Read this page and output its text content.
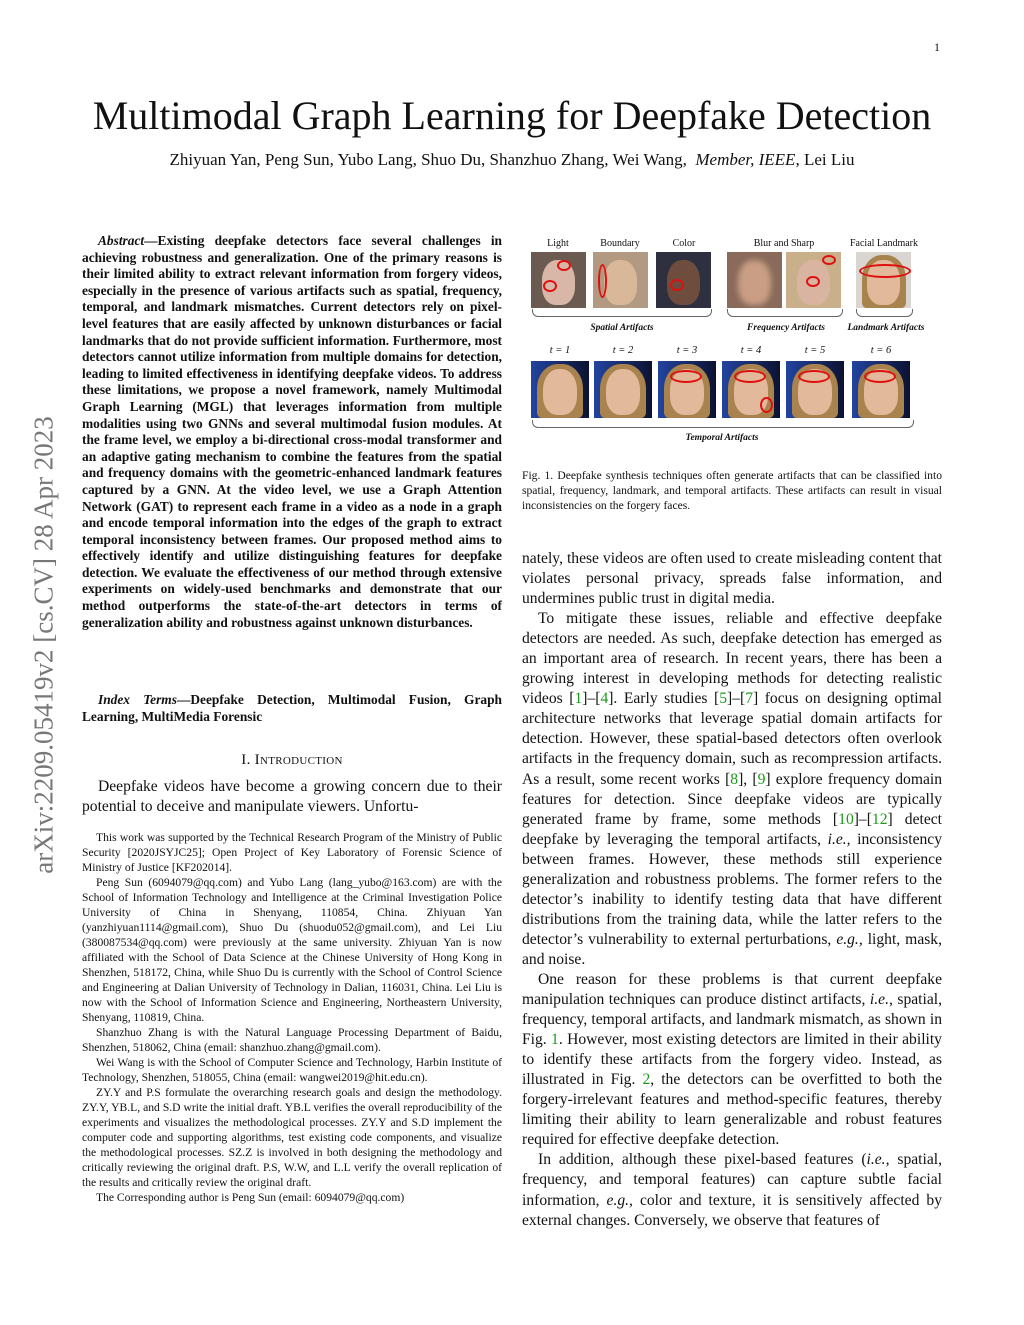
1
arXiv:2209.05419v2 [cs.CV] 28 Apr 2023
Multimodal Graph Learning for Deepfake Detection
Zhiyuan Yan, Peng Sun, Yubo Lang, Shuo Du, Shanzhuo Zhang, Wei Wang, Member, IEEE, Lei Liu
Abstract—Existing deepfake detectors face several challenges in achieving robustness and generalization. One of the primary reasons is their limited ability to extract relevant information from forgery videos, especially in the presence of various artifacts such as spatial, frequency, temporal, and landmark mismatches. Current detectors rely on pixel-level features that are easily affected by unknown disturbances or facial landmarks that do not provide sufficient information. Furthermore, most detectors cannot utilize information from multiple domains for detection, leading to limited effectiveness in identifying deepfake videos. To address these limitations, we propose a novel framework, namely Multimodal Graph Learning (MGL) that leverages information from multiple modalities using two GNNs and several multimodal fusion modules. At the frame level, we employ a bi-directional cross-modal transformer and an adaptive gating mechanism to combine the features from the spatial and frequency domains with the geometric-enhanced landmark features captured by a GNN. At the video level, we use a Graph Attention Network (GAT) to represent each frame in a video as a node in a graph and encode temporal information into the edges of the graph to extract temporal inconsistency between frames. Our proposed method aims to effectively identify and utilize distinguishing features for deepfake detection. We evaluate the effectiveness of our method through extensive experiments on widely-used benchmarks and demonstrate that our method outperforms the state-of-the-art detectors in terms of generalization ability and robustness against unknown disturbances.
Index Terms—Deepfake Detection, Multimodal Fusion, Graph Learning, MultiMedia Forensic
I. Introduction
Deepfake videos have become a growing concern due to their potential to deceive and manipulate viewers. Unfortu-

This work was supported by the Technical Research Program of the Ministry of Public Security [2020JSYJC25]; Open Project of Key Laboratory of Forensic Science of Ministry of Justice [KF202014].

Peng Sun (6094079@qq.com) and Yubo Lang (lang_yubo@163.com) are with the School of Information Technology and Intelligence at the Criminal Investigation Police University of China in Shenyang, 110854, China. Zhiyuan Yan (yanzhiyuan1114@gmail.com), Shuo Du (shuodu052@gmail.com), and Lei Liu (380087534@qq.com) were previously at the same university. Zhiyuan Yan is now affiliated with the School of Data Science at the Chinese University of Hong Kong in Shenzhen, 518172, China, while Shuo Du is currently with the School of Control Science and Engineering at Dalian University of Technology in Dalian, 116031, China. Lei Liu is now with the School of Information Science and Engineering, Northeastern University, Shenyang, 110819, China.

Shanzhuo Zhang is with the Natural Language Processing Department of Baidu, Shenzhen, 518062, China (email: shanzhuo.zhang@gmail.com).

Wei Wang is with the School of Computer Science and Technology, Harbin Institute of Technology, Shenzhen, 518055, China (email: wangwei2019@hit.edu.cn).

ZY.Y and P.S formulate the overarching research goals and design the methodology. ZY.Y, YB.L, and S.D write the initial draft. YB.L verifies the overall reproducibility of the experiments and visualizes the methodological processes. ZY.Y and S.D implement the computer code and supporting algorithms, test existing code components, and visualize the methodological processes. SZ.Z is involved in both designing the methodology and critically reviewing the original draft. P.S, W.W, and L.L verify the overall replication of the results and critically review the original draft.

The Corresponding author is Peng Sun (email: 6094079@qq.com)

Light	Boundary	Color	Blur and Sharp	Facial Landmark
Spatial Artifacts	Frequency Artifacts Landmark Artifacts
t = 1	t = 2	t = 3	t = 4	t = 5	t = 6
Temporal Artifacts
Fig. 1. Deepfake synthesis techniques often generate artifacts that can be classified into spatial, frequency, landmark, and temporal artifacts. These artifacts can result in visual inconsistencies on the forgery faces.

nately, these videos are often used to create misleading content that violates personal privacy, spreads false information, and undermines public trust in digital media.

To mitigate these issues, reliable and effective deepfake detectors are needed. As such, deepfake detection has emerged as an important area of research. In recent years, there has been a growing interest in developing methods for detecting realistic videos [1]–[4]. Early studies [5]–[7] focus on designing optimal architecture networks that leverage spatial domain artifacts for detection. However, these spatial-based detectors often overlook artifacts in the frequency domain, such as recompression artifacts. As a result, some recent works [8], [9] explore frequency domain features for detection. Since deepfake videos are typically generated frame by frame, some methods [10]–[12] detect deepfake by leveraging the temporal artifacts, i.e., inconsistency between frames. However, these methods still experience generalization and robustness problems. The former refers to the detector’s inability to identify testing data that have different distributions from the training data, while the latter refers to the detector’s vulnerability to external perturbations, e.g., light, mask, and noise.

One reason for these problems is that current deepfake manipulation techniques can produce distinct artifacts, i.e., spatial, frequency, temporal artifacts, and landmark mismatch, as shown in Fig. 1. However, most existing detectors are limited in their ability to identify these artifacts from the forgery video. Instead, as illustrated in Fig. 2, the detectors can be overfitted to both the forgery-irrelevant features and method-specific features, thereby limiting their ability to learn generalizable and robust features required for effective deepfake detection.

In addition, although these pixel-based features (i.e., spatial, frequency, and temporal features) can capture subtle facial information, e.g., color and texture, it is sensitively affected by external changes. Conversely, we observe that features of
